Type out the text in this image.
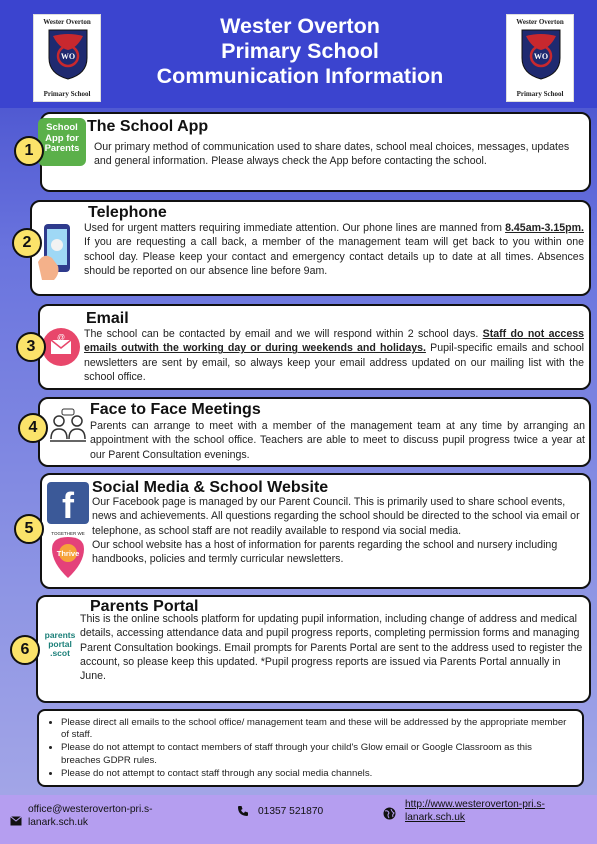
Wester Overton
WO
Primary School
Wester Overton
Primary School
Communication Information
Wester Overton
WO
Primary School
School App for Parents
The School App

Our primary method of communication used to share dates, school meal choices, messages, updates and general information. Please always check the App before contacting the school.

1
Telephone

Used for urgent matters requiring immediate attention. Our phone lines are manned from 8.45am-3.15pm. If you are requesting a call back, a member of the management team will get back to you within one school day. Please keep your contact and emergency contact details up to date at all times. Absences should be reported on our absence line before 9am.

2
@
Email

The school can be contacted by email and we will respond within 2 school days. Staff do not access emails outwith the working day or during weekends and holidays. Pupil-specific emails and school newsletters are sent by email, so always keep your email address updated on our mailing list with the school office.

3
Face to Face Meetings

Parents can arrange to meet with a member of the management team at any time by arranging an appointment with the school office. Teachers are able to meet to discuss pupil progress twice a year at our Parent Consultation evenings.

4
f
TOGETHER WE
Thrive
Social Media & School Website

Our Facebook page is managed by our Parent Council. This is primarily used to share school events, news and achievements. All questions regarding the school should be directed to the school via email or telephone, as school staff are not readily available to respond via social media.
Our school website has a host of information for parents regarding the school and nursery including handbooks, policies and termly curricular newsletters.

5
parents
portal
.scot
Parents Portal

This is the online schools platform for updating pupil information, including change of address and medical details, accessing attendance data and pupil progress reports, completing permission forms and managing Parent Consultation bookings. Email prompts for Parents Portal are sent to the address used to register the account, so please keep this updated. *Pupil progress reports are issued via Parents Portal annually in June.

6
• Please direct all emails to the school office/ management team and these will be addressed by the appropriate member of staff.
• Please do not attempt to contact members of staff through your child's Glow email or Google Classroom as this breaches GDPR rules.
• Please do not attempt to contact staff through any social media channels.
office@westeroverton-pri.s-lanark.sch.uk
01357 521870
http://www.westeroverton-pri.s-lanark.sch.uk
